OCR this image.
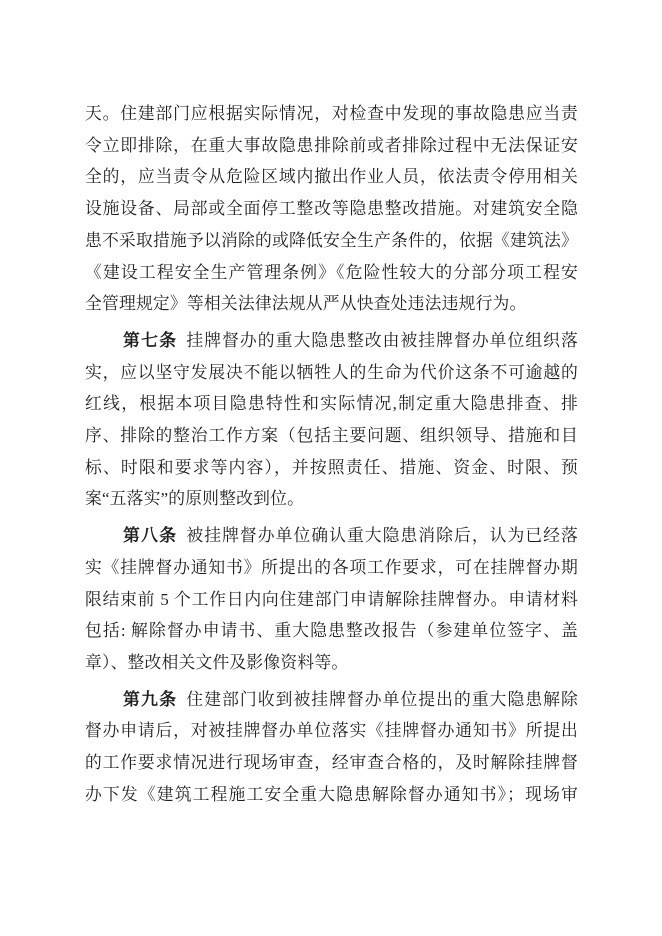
天。住建部门应根据实际情况，对检查中发现的事故隐患应当责
令立即排除，在重大事故隐患排除前或者排除过程中无法保证安
全的，应当责令从危险区域内撤出作业人员，依法责令停用相关
设施设备、局部或全面停工整改等隐患整改措施。对建筑安全隐
患不采取措施予以消除的或降低安全生产条件的，依据《建筑法》
《建设工程安全生产管理条例》《危险性较大的分部分项工程安
全管理规定》等相关法律法规从严从快查处违法违规行为。
第七条 挂牌督办的重大隐患整改由被挂牌督办单位组织落
实，应以坚守发展决不能以牺牲人的生命为代价这条不可逾越的
红线，根据本项目隐患特性和实际情况,制定重大隐患排查、排
序、排除的整治工作方案（包括主要问题、组织领导、措施和目
标、时限和要求等内容），并按照责任、措施、资金、时限、预
案“五落实”的原则整改到位。
第八条 被挂牌督办单位确认重大隐患消除后，认为已经落
实《挂牌督办通知书》所提出的各项工作要求，可在挂牌督办期
限结束前 5 个工作日内向住建部门申请解除挂牌督办。申请材料
包括: 解除督办申请书、重大隐患整改报告（参建单位签字、盖
章）、整改相关文件及影像资料等。
第九条 住建部门收到被挂牌督办单位提出的重大隐患解除
督办申请后，对被挂牌督办单位落实《挂牌督办通知书》所提出
的工作要求情况进行现场审查，经审查合格的，及时解除挂牌督
办下发《建筑工程施工安全重大隐患解除督办通知书》；现场审
